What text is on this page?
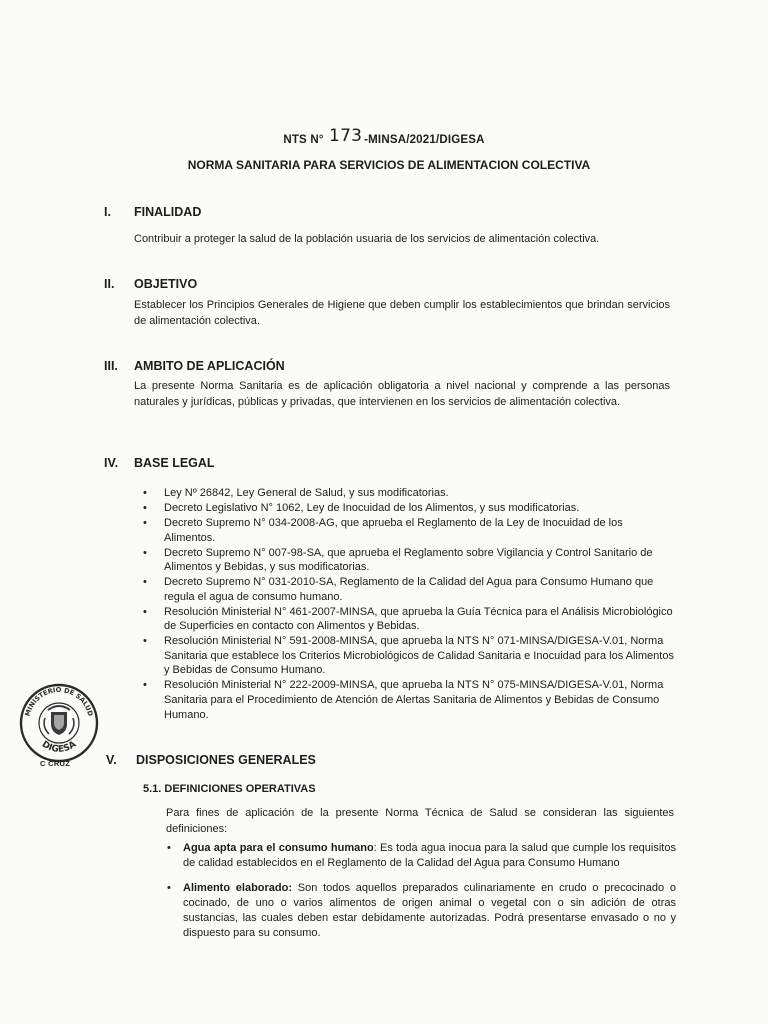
NTS N° 173 -MINSA/2021/DIGESA
NORMA SANITARIA PARA SERVICIOS DE ALIMENTACION COLECTIVA
I. FINALIDAD
Contribuir a proteger la salud de la población usuaria de los servicios de alimentación colectiva.
II. OBJETIVO
Establecer los Principios Generales de Higiene que deben cumplir los establecimientos que brindan servicios de alimentación colectiva.
III. AMBITO DE APLICACIÓN
La presente Norma Sanitaria es de aplicación obligatoria a nivel nacional y comprende a las personas naturales y jurídicas, públicas y privadas, que intervienen en los servicios de alimentación colectiva.
IV. BASE LEGAL
• Ley Nº 26842, Ley General de Salud, y sus modificatorias.
• Decreto Legislativo N° 1062, Ley de Inocuidad de los Alimentos, y sus modificatorias.
• Decreto Supremo N° 034-2008-AG, que aprueba el Reglamento de la Ley de Inocuidad de los Alimentos.
• Decreto Supremo N° 007-98-SA, que aprueba el Reglamento sobre Vigilancia y Control Sanitario de Alimentos y Bebidas, y sus modificatorias.
• Decreto Supremo N° 031-2010-SA, Reglamento de la Calidad del Agua para Consumo Humano que regula el agua de consumo humano.
• Resolución Ministerial N° 461-2007-MINSA, que aprueba la Guía Técnica para el Análisis Microbiológico de Superficies en contacto con Alimentos y Bebidas.
• Resolución Ministerial N° 591-2008-MINSA, que aprueba la NTS N° 071-MINSA/DIGESA-V.01, Norma Sanitaria que establece los Criterios Microbiológicos de Calidad Sanitaria e Inocuidad para los Alimentos y Bebidas de Consumo Humano.
• Resolución Ministerial N° 222-2009-MINSA, que aprueba la NTS N° 075-MINSA/DIGESA-V.01, Norma Sanitaria para el Procedimiento de Atención de Alertas Sanitaria de Alimentos y Bebidas de Consumo Humano.
MINISTERIO DE SALUD
DIGESA
C CRUZ	V. DISPOSICIONES GENERALES
5.1. DEFINICIONES OPERATIVAS
Para fines de aplicación de la presente Norma Técnica de Salud se consideran las siguientes definiciones:
• Agua apta para el consumo humano: Es toda agua inocua para la salud que cumple los requisitos de calidad establecidos en el Reglamento de la Calidad del Agua para Consumo Humano
• Alimento elaborado: Son todos aquellos preparados culinariamente en crudo o precocinado o cocinado, de uno o varios alimentos de origen animal o vegetal con o sin adición de otras sustancias, las cuales deben estar debidamente autorizadas. Podrá presentarse envasado o no y dispuesto para su consumo.
